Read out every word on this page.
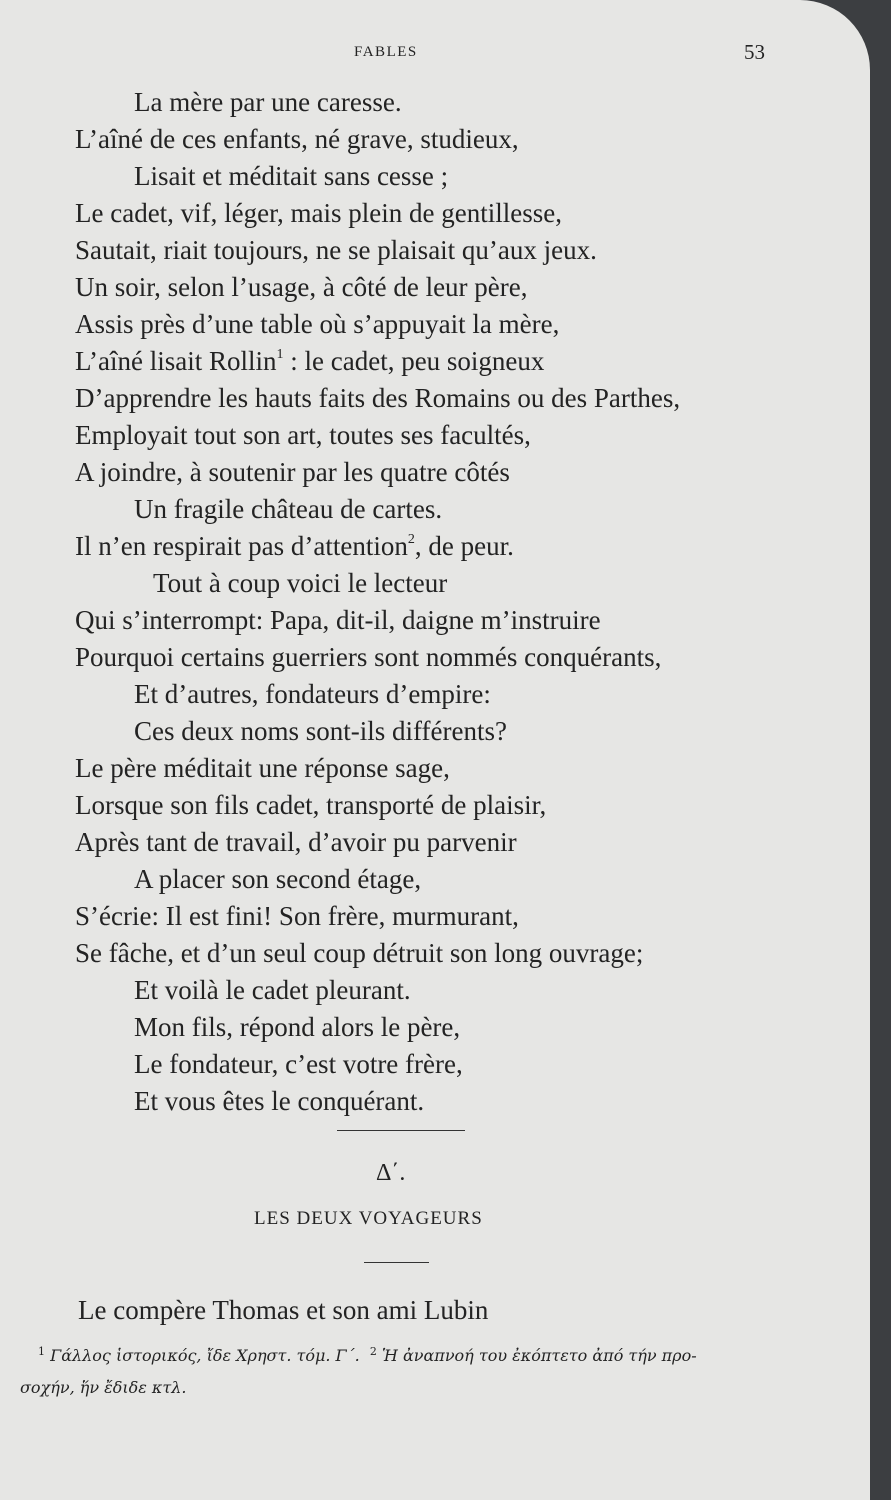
FABLES	53
La mère par une caresse.
L’aîné de ces enfants, né grave, studieux,
Lisait et méditait sans cesse ;
Le cadet, vif, léger, mais plein de gentillesse,
Sautait, riait toujours, ne se plaisait qu’aux jeux.
Un soir, selon l’usage, à côté de leur père,
Assis près d’une table où s’appuyait la mère,
L’aîné lisait Rollin$^1$ : le cadet, peu soigneux
D’apprendre les hauts faits des Romains ou des Parthes,
Employait tout son art, toutes ses facultés,
A joindre, à soutenir par les quatre côtés
Un fragile château de cartes.
Il n’en respirait pas d’attention$^2$, de peur.
Tout à coup voici le lecteur
Qui s’interrompt: Papa, dit-il, daigne m’instruire
Pourquoi certains guerriers sont nommés conquérants,
Et d’autres, fondateurs d’empire:
Ces deux noms sont-ils différents?
Le père méditait une réponse sage,
Lorsque son fils cadet, transporté de plaisir,
Après tant de travail, d’avoir pu parvenir
A placer son second étage,
S’écrie: Il est fini! Son frère, murmurant,
Se fâche, et d’un seul coup détruit son long ouvrage;
Et voilà le cadet pleurant.
Mon fils, répond alors le père,
Le fondateur, c’est votre frère,
Et vous êtes le conquérant.
Δ΄.
LES DEUX VOYAGEURS
Le compère Thomas et son ami Lubin
$^1$ Γάλλος ἱστορικός, ἴδε Χρηστ. τόμ. Γ΄. $^2$ Ἡ ἀναπνοή του ἐκόπτετο ἀπό τήν προ-
σοχήν, ἥν ἔδιδε κτλ.
